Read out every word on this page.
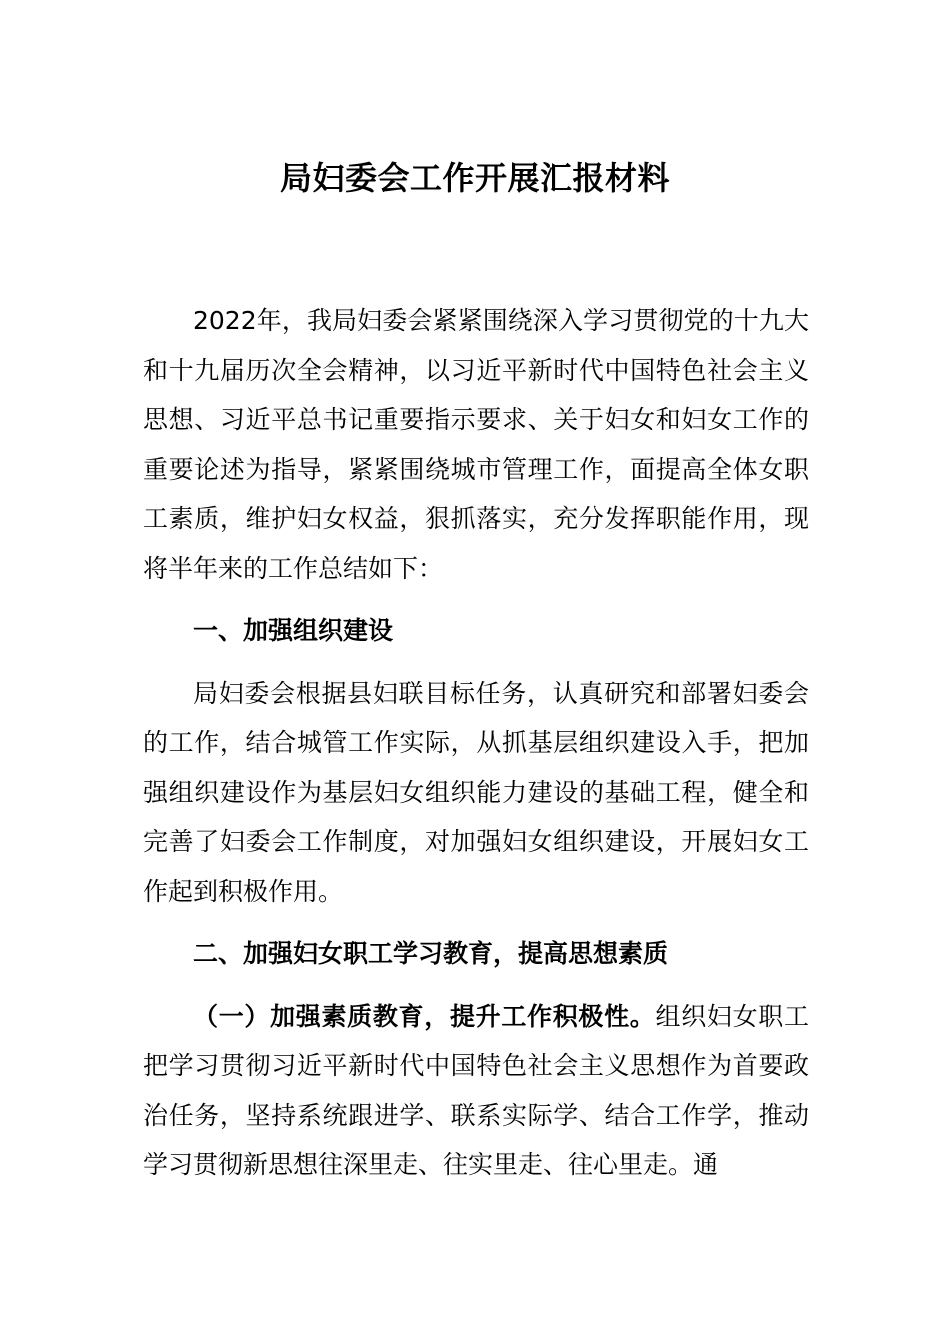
局妇委会工作开展汇报材料

2022年，我局妇委会紧紧围绕深入学习贯彻党的十九大和十九届历次全会精神，以习近平新时代中国特色社会主义思想、习近平总书记重要指示要求、关于妇女和妇女工作的重要论述为指导，紧紧围绕城市管理工作，面提高全体女职工素质，维护妇女权益，狠抓落实，充分发挥职能作用，现将半年来的工作总结如下：

一、加强组织建设

局妇委会根据县妇联目标任务，认真研究和部署妇委会的工作，结合城管工作实际，从抓基层组织建设入手，把加强组织建设作为基层妇女组织能力建设的基础工程，健全和完善了妇委会工作制度，对加强妇女组织建设，开展妇女工作起到积极作用。

二、加强妇女职工学习教育，提高思想素质

（一）加强素质教育，提升工作积极性。组织妇女职工把学习贯彻习近平新时代中国特色社会主义思想作为首要政治任务，坚持系统跟进学、联系实际学、结合工作学，推动学习贯彻新思想往深里走、往实里走、往心里走。通
